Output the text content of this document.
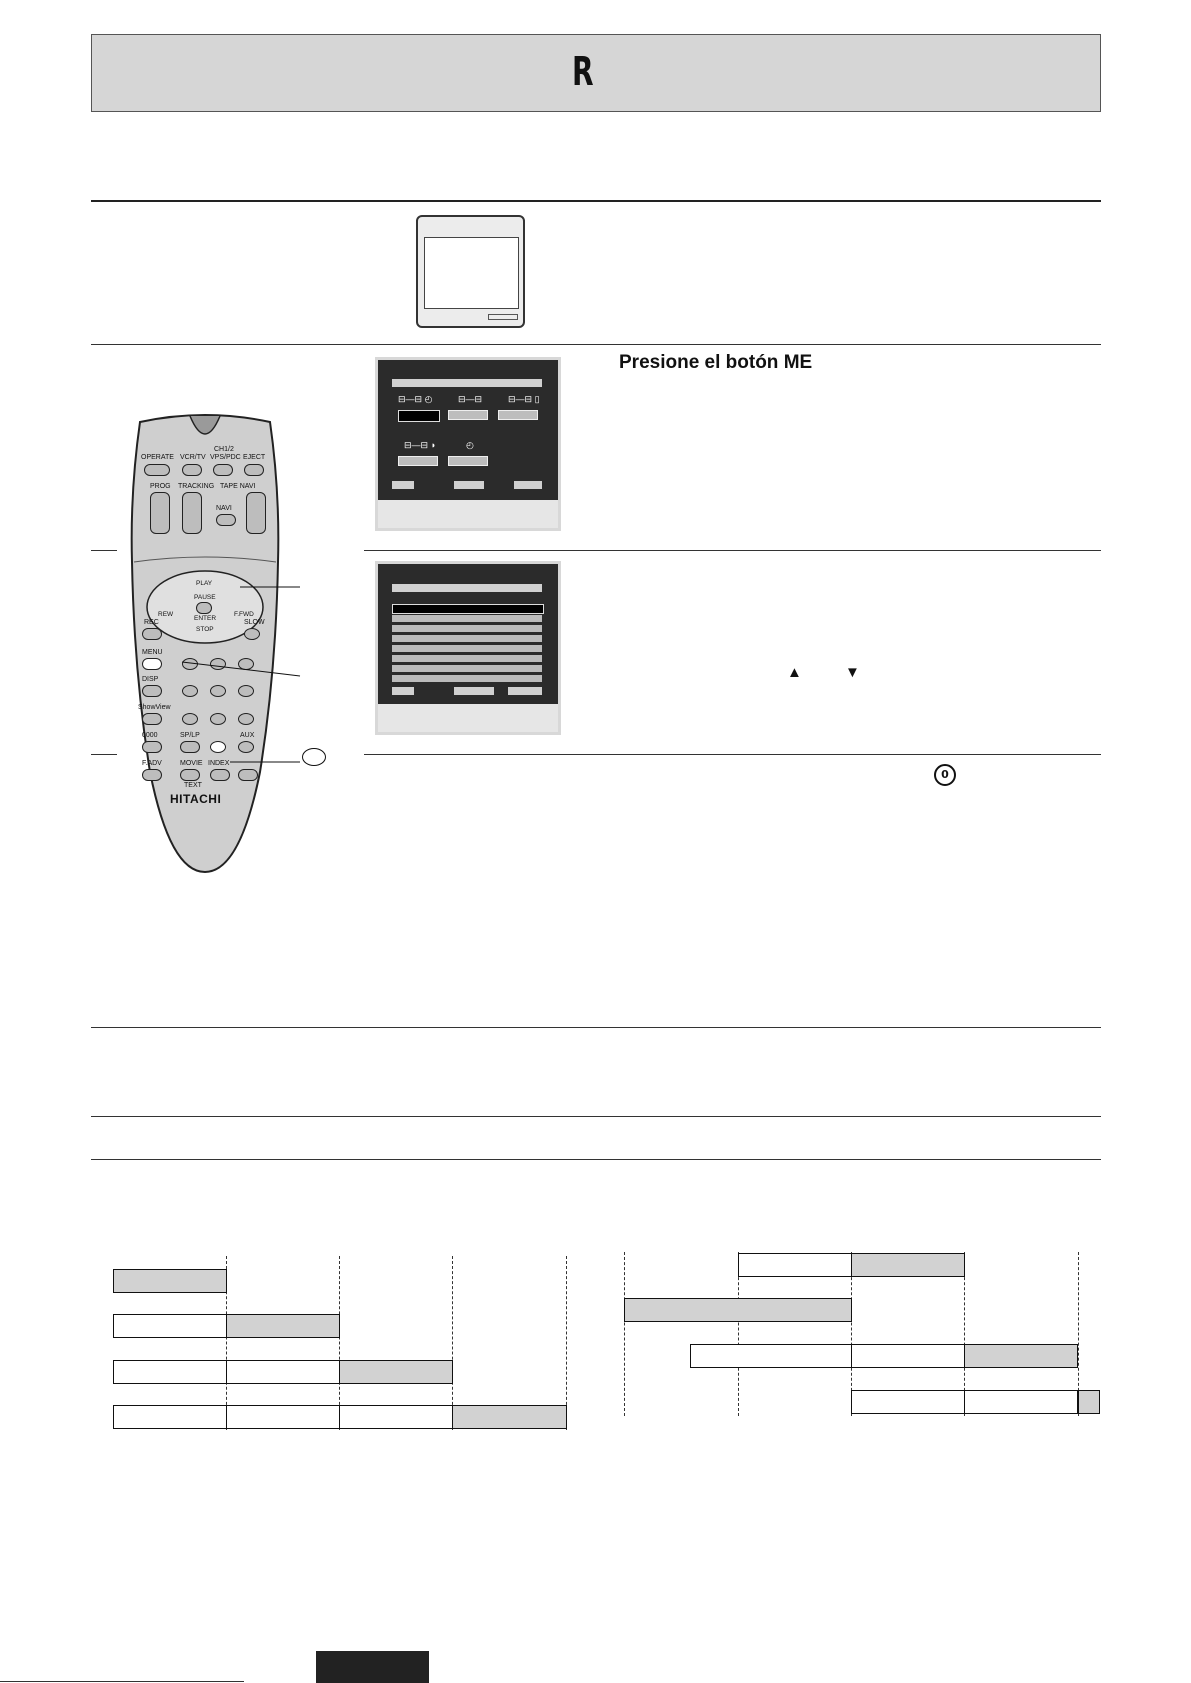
R
⊟—⊟ ◴	⊟—⊟	⊟—⊟ ▯
⊟—⊟ ◗	◴
Presione el botón ME
▲	▼
0
OPERATE VCR/TV
CH1/2
VPS/PDC EJECT
PROG TRACKING TAPE NAVI
NAVI
PLAY
PAUSE
ENTER
REW	F.FWD
STOP
REC	SLOW
MENU
DISP
ShowView
0000	SP/LP	AUX
F.ADV	MOVIE
TEXT
INDEX
HITACHI
